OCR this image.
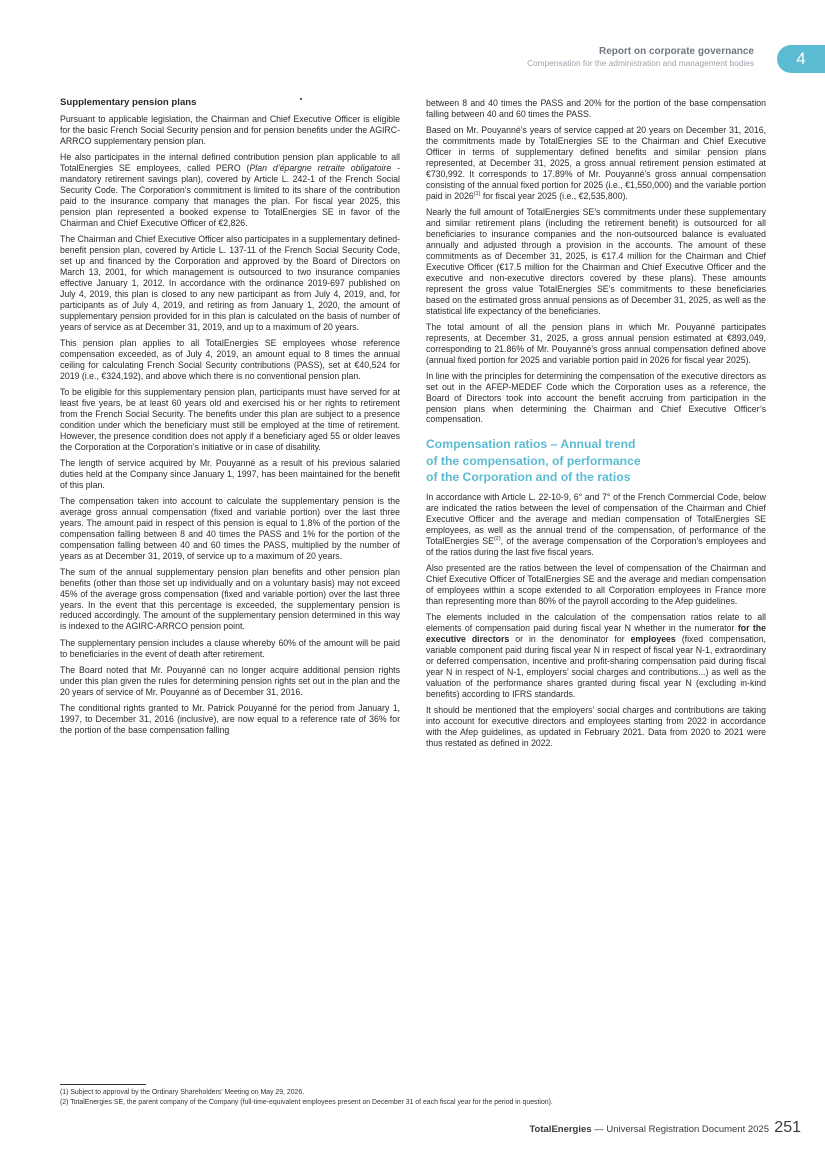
Report on corporate governance
Compensation for the administration and management bodies 4

Supplementary pension plans

Pursuant to applicable legislation, the Chairman and Chief Executive Officer is eligible for the basic French Social Security pension and for pension benefits under the AGIRC-ARRCO supplementary pension plan.

He also participates in the internal defined contribution pension plan applicable to all TotalEnergies SE employees, called PERO (Plan d’épargne retraite obligatoire - mandatory retirement savings plan), covered by Article L. 242-1 of the French Social Security Code. The Corporation’s commitment is limited to its share of the contribution paid to the insurance company that manages the plan. For fiscal year 2025, this pension plan represented a booked expense to TotalEnergies SE in favor of the Chairman and Chief Executive Officer of €2,826.

The Chairman and Chief Executive Officer also participates in a supplementary defined-benefit pension plan, covered by Article L. 137-11 of the French Social Security Code, set up and financed by the Corporation and approved by the Board of Directors on March 13, 2001, for which management is outsourced to two insurance companies effective January 1, 2012. In accordance with the ordinance 2019-697 published on July 4, 2019, this plan is closed to any new participant as from July 4, 2019, and, for participants as of July 4, 2019, and retiring as from January 1, 2020, the amount of supplementary pension provided for in this plan is calculated on the basis of number of years of service as at December 31, 2019, and up to a maximum of 20 years.

This pension plan applies to all TotalEnergies SE employees whose reference compensation exceeded, as of July 4, 2019, an amount equal to 8 times the annual ceiling for calculating French Social Security contributions (PASS), set at €40,524 for 2019 (i.e., €324,192), and above which there is no conventional pension plan.

To be eligible for this supplementary pension plan, participants must have served for at least five years, be at least 60 years old and exercised his or her rights to retirement from the French Social Security. The benefits under this plan are subject to a presence condition under which the beneficiary must still be employed at the time of retirement. However, the presence condition does not apply if a beneficiary aged 55 or older leaves the Corporation at the Corporation’s initiative or in case of disability.

The length of service acquired by Mr. Pouyanné as a result of his previous salaried duties held at the Company since January 1, 1997, has been maintained for the benefit of this plan.

The compensation taken into account to calculate the supplementary pension is the average gross annual compensation (fixed and variable portion) over the last three years. The amount paid in respect of this pension is equal to 1.8% of the portion of the compensation falling between 8 and 40 times the PASS and 1% for the portion of the compensation falling between 40 and 60 times the PASS, multiplied by the number of years as at December 31, 2019, of service up to a maximum of 20 years.

The sum of the annual supplementary pension plan benefits and other pension plan benefits (other than those set up individually and on a voluntary basis) may not exceed 45% of the average gross compensation (fixed and variable portion) over the last three years. In the event that this percentage is exceeded, the supplementary pension is reduced accordingly. The amount of the supplementary pension determined in this way is indexed to the AGIRC-ARRCO pension point.

The supplementary pension includes a clause whereby 60% of the amount will be paid to beneficiaries in the event of death after retirement.

The Board noted that Mr. Pouyanné can no longer acquire additional pension rights under this plan given the rules for determining pension rights set out in the plan and the 20 years of service of Mr. Pouyanné as of December 31, 2016.

The conditional rights granted to Mr. Patrick Pouyanné for the period from January 1, 1997, to December 31, 2016 (inclusive), are now equal to a reference rate of 36% for the portion of the base compensation falling

between 8 and 40 times the PASS and 20% for the portion of the base compensation falling between 40 and 60 times the PASS.

Based on Mr. Pouyanné’s years of service capped at 20 years on December 31, 2016, the commitments made by TotalEnergies SE to the Chairman and Chief Executive Officer in terms of supplementary defined benefits and similar pension plans represented, at December 31, 2025, a gross annual retirement pension estimated at €730,992. It corresponds to 17.89% of Mr. Pouyanné’s gross annual compensation consisting of the annual fixed portion for 2025 (i.e., €1,550,000) and the variable portion paid in 2026$^{(1)}$ for fiscal year 2025 (i.e., €2,535,800).

Nearly the full amount of TotalEnergies SE’s commitments under these supplementary and similar retirement plans (including the retirement benefit) is outsourced for all beneficiaries to insurance companies and the non-outsourced balance is evaluated annually and adjusted through a provision in the accounts. The amount of these commitments as of December 31, 2025, is €17.4 million for the Chairman and Chief Executive Officer (€17.5 million for the Chairman and Chief Executive Officer and the executive and non-executive directors covered by these plans). These amounts represent the gross value TotalEnergies SE’s commitments to these beneficiaries based on the estimated gross annual pensions as of December 31, 2025, as well as the statistical life expectancy of the beneficiaries.

The total amount of all the pension plans in which Mr. Pouyanné participates represents, at December 31, 2025, a gross annual pension estimated at €893,049, corresponding to 21.86% of Mr. Pouyanné’s gross annual compensation defined above (annual fixed portion for 2025 and variable portion paid in 2026 for fiscal year 2025).

In line with the principles for determining the compensation of the executive directors as set out in the AFEP-MEDEF Code which the Corporation uses as a reference, the Board of Directors took into account the benefit accruing from participation in the pension plans when determining the Chairman and Chief Executive Officer’s compensation.

Compensation ratios – Annual trend
of the compensation, of performance
of the Corporation and of the ratios

In accordance with Article L. 22-10-9, 6° and 7° of the French Commercial Code, below are indicated the ratios between the level of compensation of the Chairman and Chief Executive Officer and the average and median compensation of TotalEnergies SE employees, as well as the annual trend of the compensation, of performance of the TotalEnergies SE$^{(2)}$, of the average compensation of the Corporation’s employees and of the ratios during the last five fiscal years.

Also presented are the ratios between the level of compensation of the Chairman and Chief Executive Officer of TotalEnergies SE and the average and median compensation of employees within a scope extended to all Corporation employees in France more than representing more than 80% of the payroll according to the Afep guidelines.

The elements included in the calculation of the compensation ratios relate to all elements of compensation paid during fiscal year N whether in the numerator for the executive directors or in the denominator for employees (fixed compensation, variable component paid during fiscal year N in respect of fiscal year N-1, extraordinary or deferred compensation, incentive and profit-sharing compensation paid during fiscal year N in respect of N-1, employers’ social charges and contributions...) as well as the valuation of the performance shares granted during fiscal year N (excluding in-kind benefits) according to IFRS standards.

It should be mentioned that the employers’ social charges and contributions are taking into account for executive directors and employees starting from 2022 in accordance with the Afep guidelines, as updated in February 2021. Data from 2020 to 2021 were thus restated as defined in 2022.

(1) Subject to approval by the Ordinary Shareholders’ Meeting on May 29, 2026.
(2) TotalEnergies SE, the parent company of the Company (full-time-equivalent employees present on December 31 of each fiscal year for the period in question).
TotalEnergies — Universal Registration Document 2025 251
